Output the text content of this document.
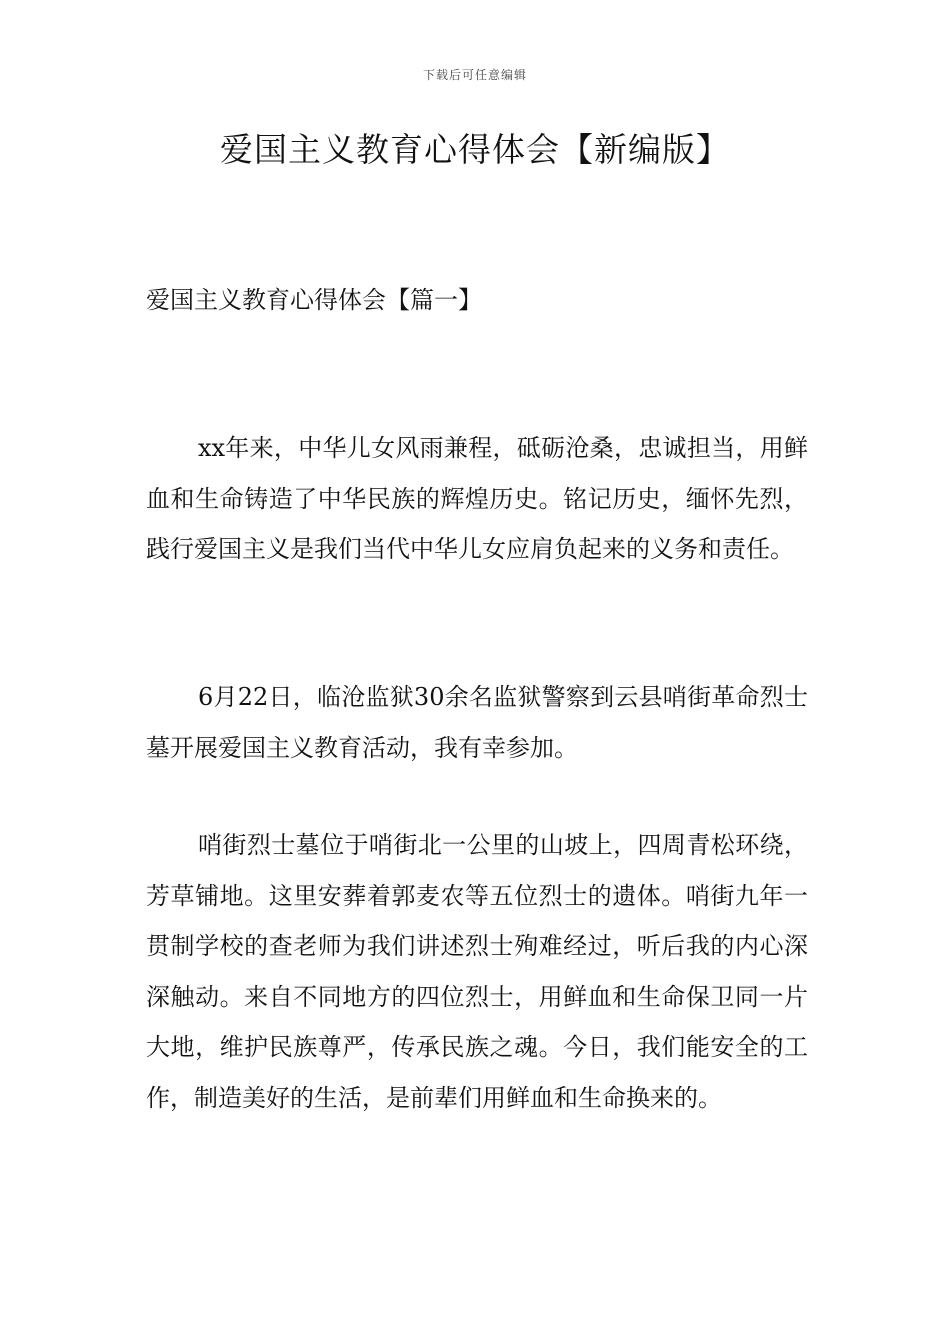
下载后可任意编辑
爱国主义教育心得体会【新编版】
爱国主义教育心得体会【篇一】

xx年来，中华儿女风雨兼程，砥砺沧桑，忠诚担当，用鲜血和生命铸造了中华民族的辉煌历史。铭记历史，缅怀先烈，践行爱国主义是我们当代中华儿女应肩负起来的义务和责任。

6月22日，临沧监狱30余名监狱警察到云县哨街革命烈士墓开展爱国主义教育活动，我有幸参加。

哨街烈士墓位于哨街北一公里的山坡上，四周青松环绕，芳草铺地。这里安葬着郭麦农等五位烈士的遗体。哨街九年一贯制学校的查老师为我们讲述烈士殉难经过，听后我的内心深深触动。来自不同地方的四位烈士，用鲜血和生命保卫同一片大地，维护民族尊严，传承民族之魂。今日，我们能安全的工作，制造美好的生活，是前辈们用鲜血和生命换来的。
